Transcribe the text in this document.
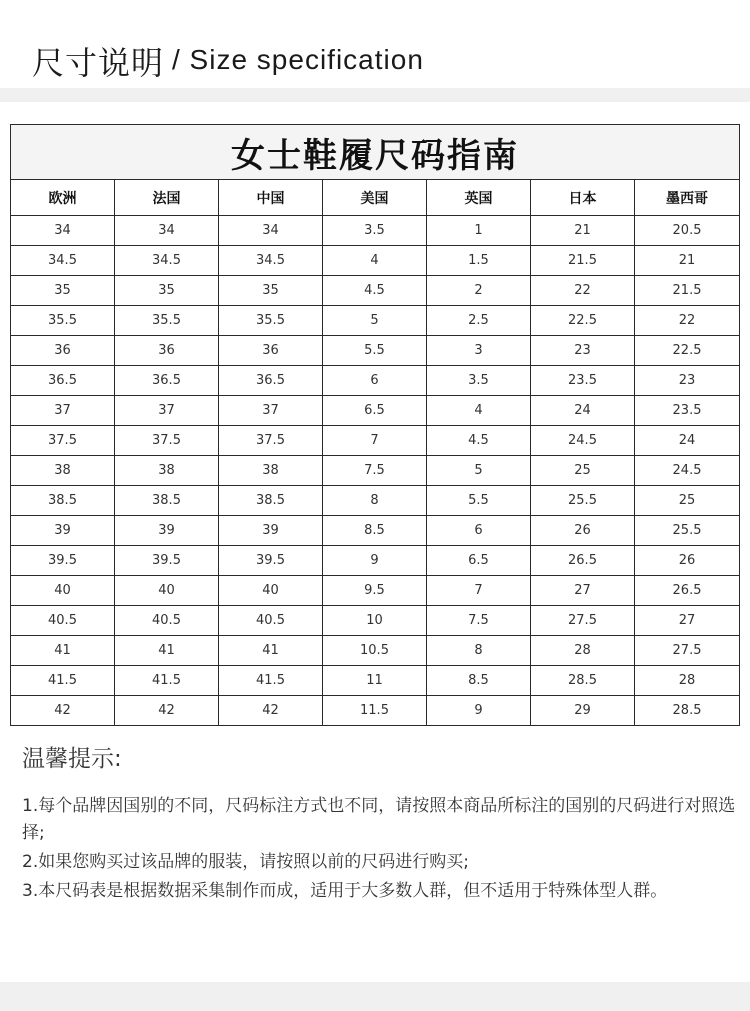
尺寸说明 / Size specification
女士鞋履尺码指南						
欧洲	法国	中国	美国	英国	日本	墨西哥
34	34	34	3.5	1	21	20.5
34.5	34.5	34.5	4	1.5	21.5	21
35	35	35	4.5	2	22	21.5
35.5	35.5	35.5	5	2.5	22.5	22
36	36	36	5.5	3	23	22.5
36.5	36.5	36.5	6	3.5	23.5	23
37	37	37	6.5	4	24	23.5
37.5	37.5	37.5	7	4.5	24.5	24
38	38	38	7.5	5	25	24.5
38.5	38.5	38.5	8	5.5	25.5	25
39	39	39	8.5	6	26	25.5
39.5	39.5	39.5	9	6.5	26.5	26
40	40	40	9.5	7	27	26.5
40.5	40.5	40.5	10	7.5	27.5	27
41	41	41	10.5	8	28	27.5
41.5	41.5	41.5	11	8.5	28.5	28
42	42	42	11.5	9	29	28.5
温馨提示:
1.每个品牌因国别的不同，尺码标注方式也不同，请按照本商品所标注的国别的尺码进行对照选择;
2.如果您购买过该品牌的服装，请按照以前的尺码进行购买;
3.本尺码表是根据数据采集制作而成，适用于大多数人群，但不适用于特殊体型人群。
